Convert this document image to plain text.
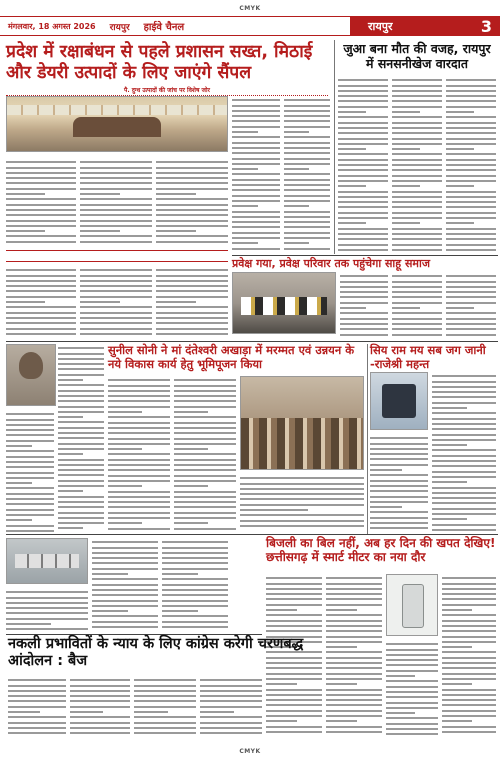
CMYK
मंगलवार, 18 अगस्त 2026 रायपुर हाईवे चैनल	रायपुर	3
प्रदेश में रक्षाबंधन से पहले प्रशासन सख्त, मिठाई और डेयरी उत्पादों के लिए जाएंगे सैंपल
पै. दुग्ध उत्पादों की जांच पर विशेष जोर
जुआ बना मौत की वजह, रायपुर में सनसनीखेज वारदात
प्रवेक्ष गया, प्रवेक्ष परिवार तक पहुंचेगा साहू समाज
सुनील सोनी ने मां दंतेश्वरी अखाड़ा में मरम्मत एवं उन्नयन के नये विकास कार्य हेतु भूमिपूजन किया
सिय राम मय सब जग जानी -राजेश्री महन्त
बिजली का बिल नहीं, अब हर दिन की खपत देखिए! छत्तीसगढ़ में स्मार्ट मीटर का नया दौर
नकली प्रभावितों के न्याय के लिए कांग्रेस करेगी चरणबद्ध आंदोलन : बैज
CMYK
